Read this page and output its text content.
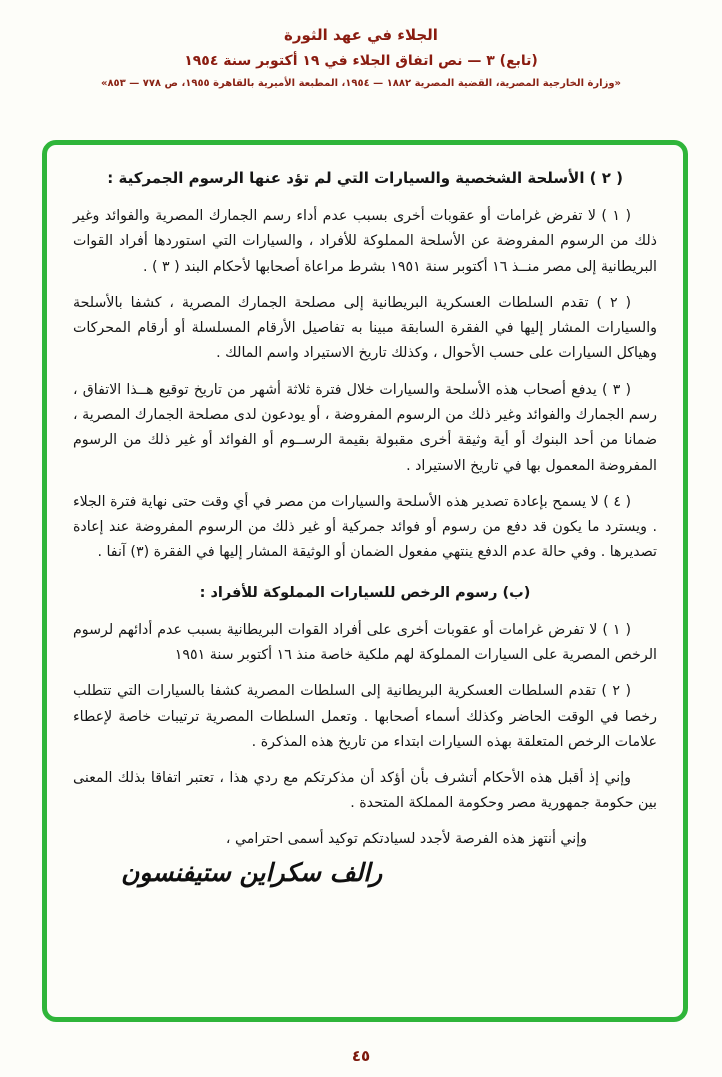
الجلاء في عهد الثورة
(تابع) ٣ — نص اتفاق الجلاء في ١٩ أكتوبر سنة ١٩٥٤
«وزارة الخارجية المصرية، القضية المصرية ١٨٨٢ — ١٩٥٤، المطبعة الأميرية بالقاهرة ١٩٥٥، ص ٧٧٨ — ٨٥٣»

( ٢ ) الأسلحة الشخصية والسيارات التي لم تؤد عنها الرسوم الجمركية :

( ١ ) لا تفرض غرامات أو عقوبات أخرى بسبب عدم أداء رسم الجمارك المصرية والفوائد وغير ذلك من الرسوم المفروضة عن الأسلحة المملوكة للأفراد ، والسيارات التي استوردها أفراد القوات البريطانية إلى مصر منــذ ١٦ أكتوبر سنة ١٩٥١ بشرط مراعاة أصحابها لأحكام البند ( ٣ ) .

( ٢ ) تقدم السلطات العسكرية البريطانية إلى مصلحة الجمارك المصرية ، كشفا بالأسلحة والسيارات المشار إليها في الفقرة السابقة مبينا به تفاصيل الأرقام المسلسلة أو أرقام المحركات وهياكل السيارات على حسب الأحوال ، وكذلك تاريخ الاستيراد واسم المالك .

( ٣ ) يدفع أصحاب هذه الأسلحة والسيارات خلال فترة ثلاثة أشهر من تاريخ توقيع هــذا الاتفاق ، رسم الجمارك والفوائد وغير ذلك من الرسوم المفروضة ، أو يودعون لدى مصلحة الجمارك المصرية ، ضمانا من أحد البنوك أو أية وثيقة أخرى مقبولة بقيمة الرســوم أو الفوائد أو غير ذلك من الرسوم المفروضة المعمول بها في تاريخ الاستيراد .

( ٤ ) لا يسمح بإعادة تصدير هذه الأسلحة والسيارات من مصر في أي وقت حتى نهاية فترة الجلاء . ويسترد ما يكون قد دفع من رسوم أو فوائد جمركية أو غير ذلك من الرسوم المفروضة عند إعادة تصديرها . وفي حالة عدم الدفع ينتهي مفعول الضمان أو الوثيقة المشار إليها في الفقرة (٣) آنفا .

(ب) رسوم الرخص للسيارات المملوكة للأفراد :

( ١ ) لا تفرض غرامات أو عقوبات أخرى على أفراد القوات البريطانية بسبب عدم أدائهم لرسوم الرخص المصرية على السيارات المملوكة لهم ملكية خاصة منذ ١٦ أكتوبر سنة ١٩٥١

( ٢ ) تقدم السلطات العسكرية البريطانية إلى السلطات المصرية كشفا بالسيارات التي تتطلب رخصا في الوقت الحاضر وكذلك أسماء أصحابها . وتعمل السلطات المصرية ترتيبات خاصة لإعطاء علامات الرخص المتعلقة بهذه السيارات ابتداء من تاريخ هذه المذكرة .

وإني إذ أقبل هذه الأحكام أتشرف بأن أؤكد أن مذكرتكم مع ردي هذا ، تعتبر اتفاقا بذلك المعنى بين حكومة جمهورية مصر وحكومة المملكة المتحدة .

وإني أنتهز هذه الفرصة لأجدد لسيادتكم توكيد أسمى احترامي ،

رالف سكراين ستيفنسون
٤٥
